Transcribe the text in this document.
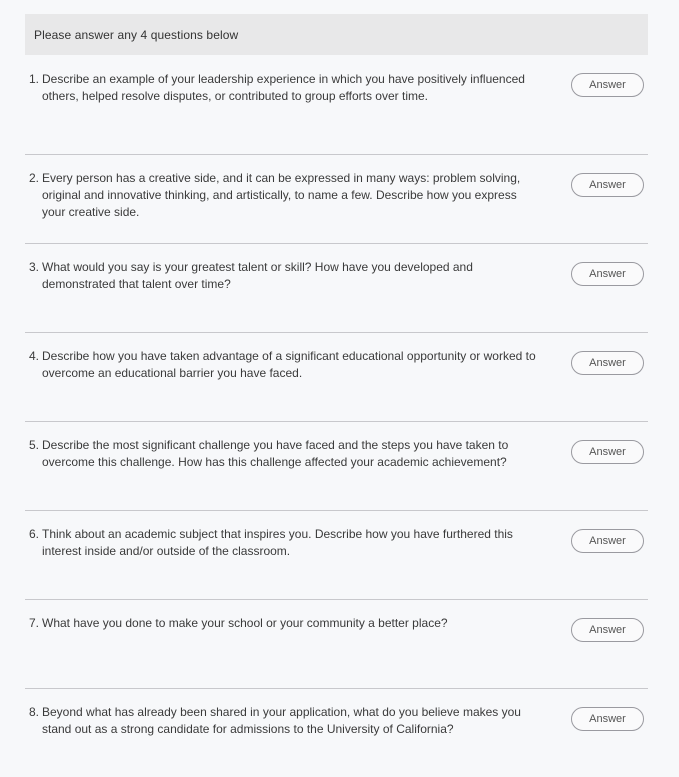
Please answer any 4 questions below
1. Describe an example of your leadership experience in which you have positively influenced others, helped resolve disputes, or contributed to group efforts over time.
Answer
2. Every person has a creative side, and it can be expressed in many ways: problem solving, original and innovative thinking, and artistically, to name a few. Describe how you express your creative side.
Answer
3. What would you say is your greatest talent or skill? How have you developed and demonstrated that talent over time?
Answer
4. Describe how you have taken advantage of a significant educational opportunity or worked to overcome an educational barrier you have faced.
Answer
5. Describe the most significant challenge you have faced and the steps you have taken to overcome this challenge. How has this challenge affected your academic achievement?
Answer
6. Think about an academic subject that inspires you. Describe how you have furthered this interest inside and/or outside of the classroom.
Answer
7. What have you done to make your school or your community a better place?	Answer
8. Beyond what has already been shared in your application, what do you believe makes you stand out as a strong candidate for admissions to the University of California?
Answer
